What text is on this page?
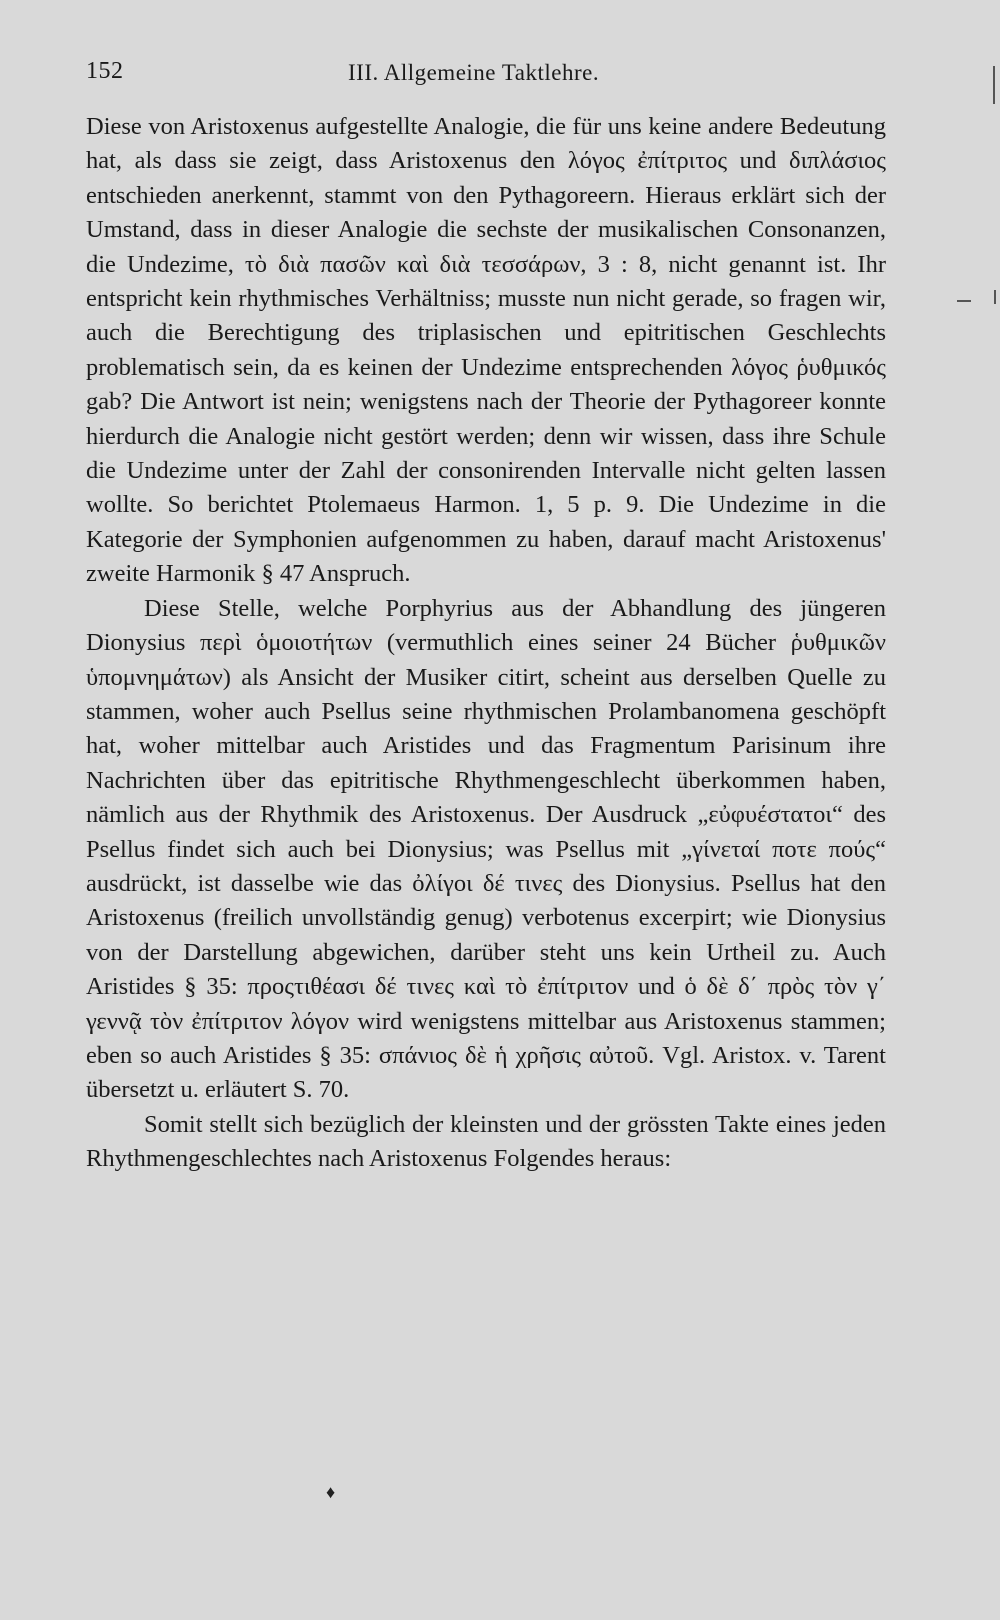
152	III. Allgemeine Taktlehre.

Diese von Aristoxenus aufgestellte Analogie, die für uns keine andere Bedeutung hat, als dass sie zeigt, dass Aristoxenus den λόγος ἐπίτριτος und διπλάσιος entschieden anerkennt, stammt von den Pythagoreern. Hieraus erklärt sich der Umstand, dass in dieser Analogie die sechste der musikalischen Consonanzen, die Undezime, τὸ διὰ πασῶν καὶ διὰ τεσσάρων, 3 : 8, nicht genannt ist. Ihr entspricht kein rhythmisches Verhältniss; musste nun nicht gerade, so fragen wir, auch die Berechtigung des triplasischen und epitritischen Geschlechts problematisch sein, da es keinen der Undezime entsprechenden λόγος ῥυθμικός gab? Die Antwort ist nein; wenigstens nach der Theorie der Pythagoreer konnte hierdurch die Analogie nicht gestört werden; denn wir wissen, dass ihre Schule die Undezime unter der Zahl der consonirenden Intervalle nicht gelten lassen wollte. So berichtet Ptolemaeus Harmon. 1, 5 p. 9. Die Undezime in die Kategorie der Symphonien aufgenommen zu haben, darauf macht Aristoxenus' zweite Harmonik § 47 Anspruch.

Diese Stelle, welche Porphyrius aus der Abhandlung des jüngeren Dionysius περὶ ὁμοιοτήτων (vermuthlich eines seiner 24 Bücher ῥυθμικῶν ὑπομνημάτων) als Ansicht der Musiker citirt, scheint aus derselben Quelle zu stammen, woher auch Psellus seine rhythmischen Prolambanomena geschöpft hat, woher mittelbar auch Aristides und das Fragmentum Parisinum ihre Nachrichten über das epitritische Rhythmengeschlecht überkommen haben, nämlich aus der Rhythmik des Aristoxenus. Der Ausdruck „εὐφυέστατοι“ des Psellus findet sich auch bei Dionysius; was Psellus mit „γίνεταί ποτε πούς“ ausdrückt, ist dasselbe wie das ὀλίγοι δέ τινες des Dionysius. Psellus hat den Aristoxenus (freilich unvollständig genug) verbotenus excerpirt; wie Dionysius von der Darstellung abgewichen, darüber steht uns kein Urtheil zu. Auch Aristides § 35: προςτιθέασι δέ τινες καὶ τὸ ἐπίτριτον und ὁ δὲ δ΄ πρὸς τὸν γ΄ γεννᾷ τὸν ἐπίτριτον λόγον wird wenigstens mittelbar aus Aristoxenus stammen; eben so auch Aristides § 35: σπάνιος δὲ ἡ χρῆσις αὐτοῦ. Vgl. Aristox. v. Tarent übersetzt u. erläutert S. 70.

Somit stellt sich bezüglich der kleinsten und der grössten Takte eines jeden Rhythmengeschlechtes nach Aristoxenus Folgendes heraus:

♦
